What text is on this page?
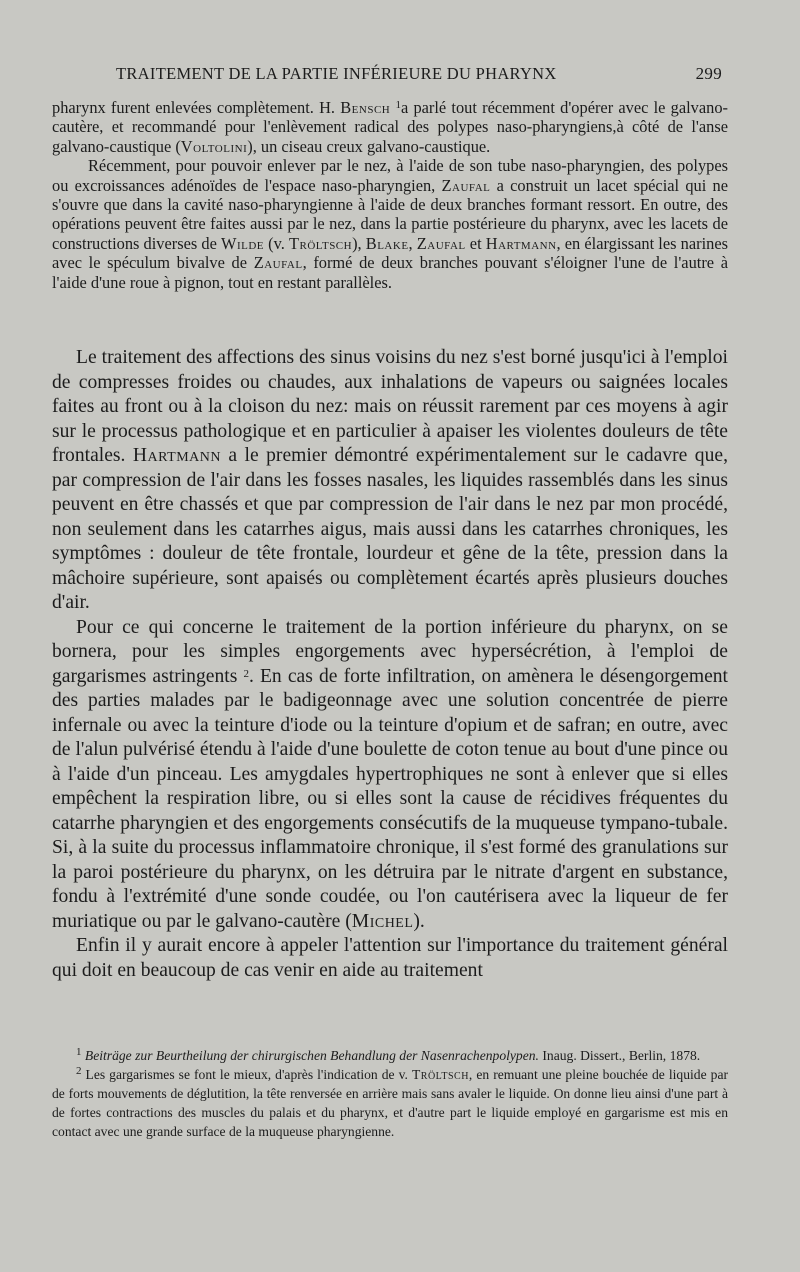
TRAITEMENT DE LA PARTIE INFÉRIEURE DU PHARYNX	299

pharynx furent enlevées complètement. H. Bensch $^1$a parlé tout récemment d'opérer avec le galvano-cautère, et recommandé pour l'enlèvement radical des polypes naso-pharyngiens,à côté de l'anse galvano-caustique (Voltolini), un ciseau creux galvano-caustique.

Récemment, pour pouvoir enlever par le nez, à l'aide de son tube naso-pharyngien, des polypes ou excroissances adénoïdes de l'espace naso-pharyngien, Zaufal a construit un lacet spécial qui ne s'ouvre que dans la cavité naso-pharyngienne à l'aide de deux branches formant ressort. En outre, des opérations peuvent être faites aussi par le nez, dans la partie postérieure du pharynx, avec les lacets de constructions diverses de Wilde (v. Tröltsch), Blake, Zaufal et Hartmann, en élargissant les narines avec le spéculum bivalve de Zaufal, formé de deux branches pouvant s'éloigner l'une de l'autre à l'aide d'une roue à pignon, tout en restant parallèles.

Le traitement des affections des sinus voisins du nez s'est borné jusqu'ici à l'emploi de compresses froides ou chaudes, aux inhalations de vapeurs ou saignées locales faites au front ou à la cloison du nez: mais on réussit rarement par ces moyens à agir sur le processus pathologique et en particulier à apaiser les violentes douleurs de tête frontales. Hartmann a le premier démontré expérimentalement sur le cadavre que, par compression de l'air dans les fosses nasales, les liquides rassemblés dans les sinus peuvent en être chassés et que par compression de l'air dans le nez par mon procédé, non seulement dans les catarrhes aigus, mais aussi dans les catarrhes chroniques, les symptômes : douleur de tête frontale, lourdeur et gêne de la tête, pression dans la mâchoire supérieure, sont apaisés ou complètement écartés après plusieurs douches d'air.

Pour ce qui concerne le traitement de la portion inférieure du pharynx, on se bornera, pour les simples engorgements avec hypersécrétion, à l'emploi de gargarismes astringents $^2$. En cas de forte infiltration, on amènera le désengorgement des parties malades par le badigeonnage avec une solution concentrée de pierre infernale ou avec la teinture d'iode ou la teinture d'opium et de safran; en outre, avec de l'alun pulvérisé étendu à l'aide d'une boulette de coton tenue au bout d'une pince ou à l'aide d'un pinceau. Les amygdales hypertrophiques ne sont à enlever que si elles empêchent la respiration libre, ou si elles sont la cause de récidives fréquentes du catarrhe pharyngien et des engorgements consécutifs de la muqueuse tympano-tubale. Si, à la suite du processus inflammatoire chronique, il s'est formé des granulations sur la paroi postérieure du pharynx, on les détruira par le nitrate d'argent en substance, fondu à l'extrémité d'une sonde coudée, ou l'on cautérisera avec la liqueur de fer muriatique ou par le galvano-cautère (Michel).

Enfin il y aurait encore à appeler l'attention sur l'importance du traitement général qui doit en beaucoup de cas venir en aide au traitement

$^1$ Beiträge zur Beurtheilung der chirurgischen Behandlung der Nasenrachenpolypen. Inaug. Dissert., Berlin, 1878.

$^2$ Les gargarismes se font le mieux, d'après l'indication de v. Tröltsch, en remuant une pleine bouchée de liquide par de forts mouvements de déglutition, la tête renversée en arrière mais sans avaler le liquide. On donne lieu ainsi d'une part à de fortes contractions des muscles du palais et du pharynx, et d'autre part le liquide employé en gargarisme est mis en contact avec une grande surface de la muqueuse pharyngienne.
